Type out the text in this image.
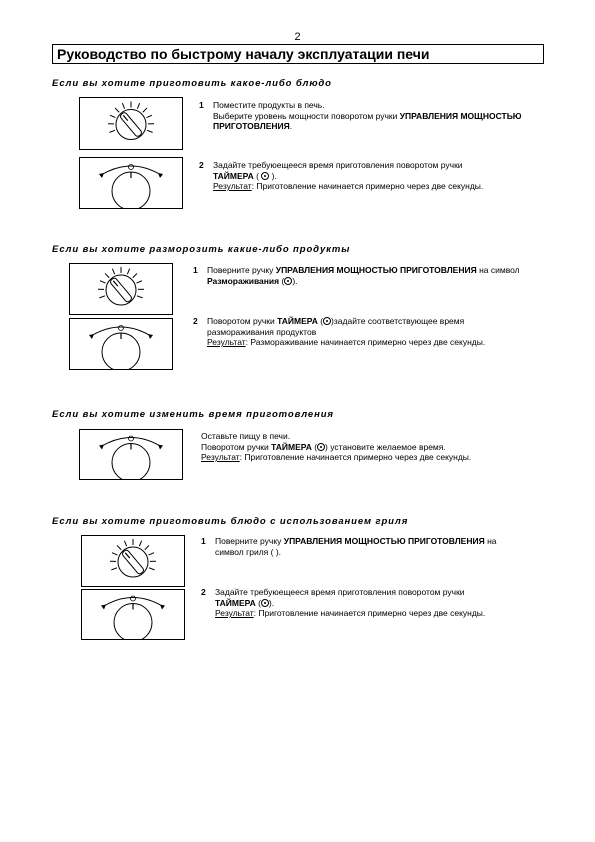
2
Руководство по быстрому началу эксплуатации печи
Если вы хотите приготовить какое-либо блюдо
1 Поместите продукты в печь.
Выберите уровень мощности поворотом ручки УПРАВЛЕНИЯ МОЩНОСТЬЮ ПРИГОТОВЛЕНИЯ.
2 Задайте требуюещееся время приготовления поворотом ручки
ТАЙМЕРА (  ).
Результат: Приготовление начинается примерно через две секунды.
Если вы хотите разморозить какие-либо продукты
1 Поверните ручку УПРАВЛЕНИЯ МОЩНОСТЬЮ ПРИГОТОВЛЕНИЯ на символ
Размораживания ( ).
2 Поворотом ручки ТАЙМЕРА ( )задайте соответствующее время
размораживания продуктов
Результат: Размораживание начинается примерно через две секунды.
Если вы хотите изменить время приготовления
Оставьте пищу в печи.
Поворотом ручки ТАЙМЕРА ( ) установите желаемое время.
Результат: Приготовление начинается примерно через две секунды.
Если вы хотите приготовить блюдо с использованием гриля
1 Поверните ручку УПРАВЛЕНИЯ МОЩНОСТЬЮ ПРИГОТОВЛЕНИЯ на
символ гриля ( ).
2 Задайте требуюещееся время приготовления поворотом ручки
ТАЙМЕРА ( ).
Результат: Приготовление начинается примерно через две секунды.
